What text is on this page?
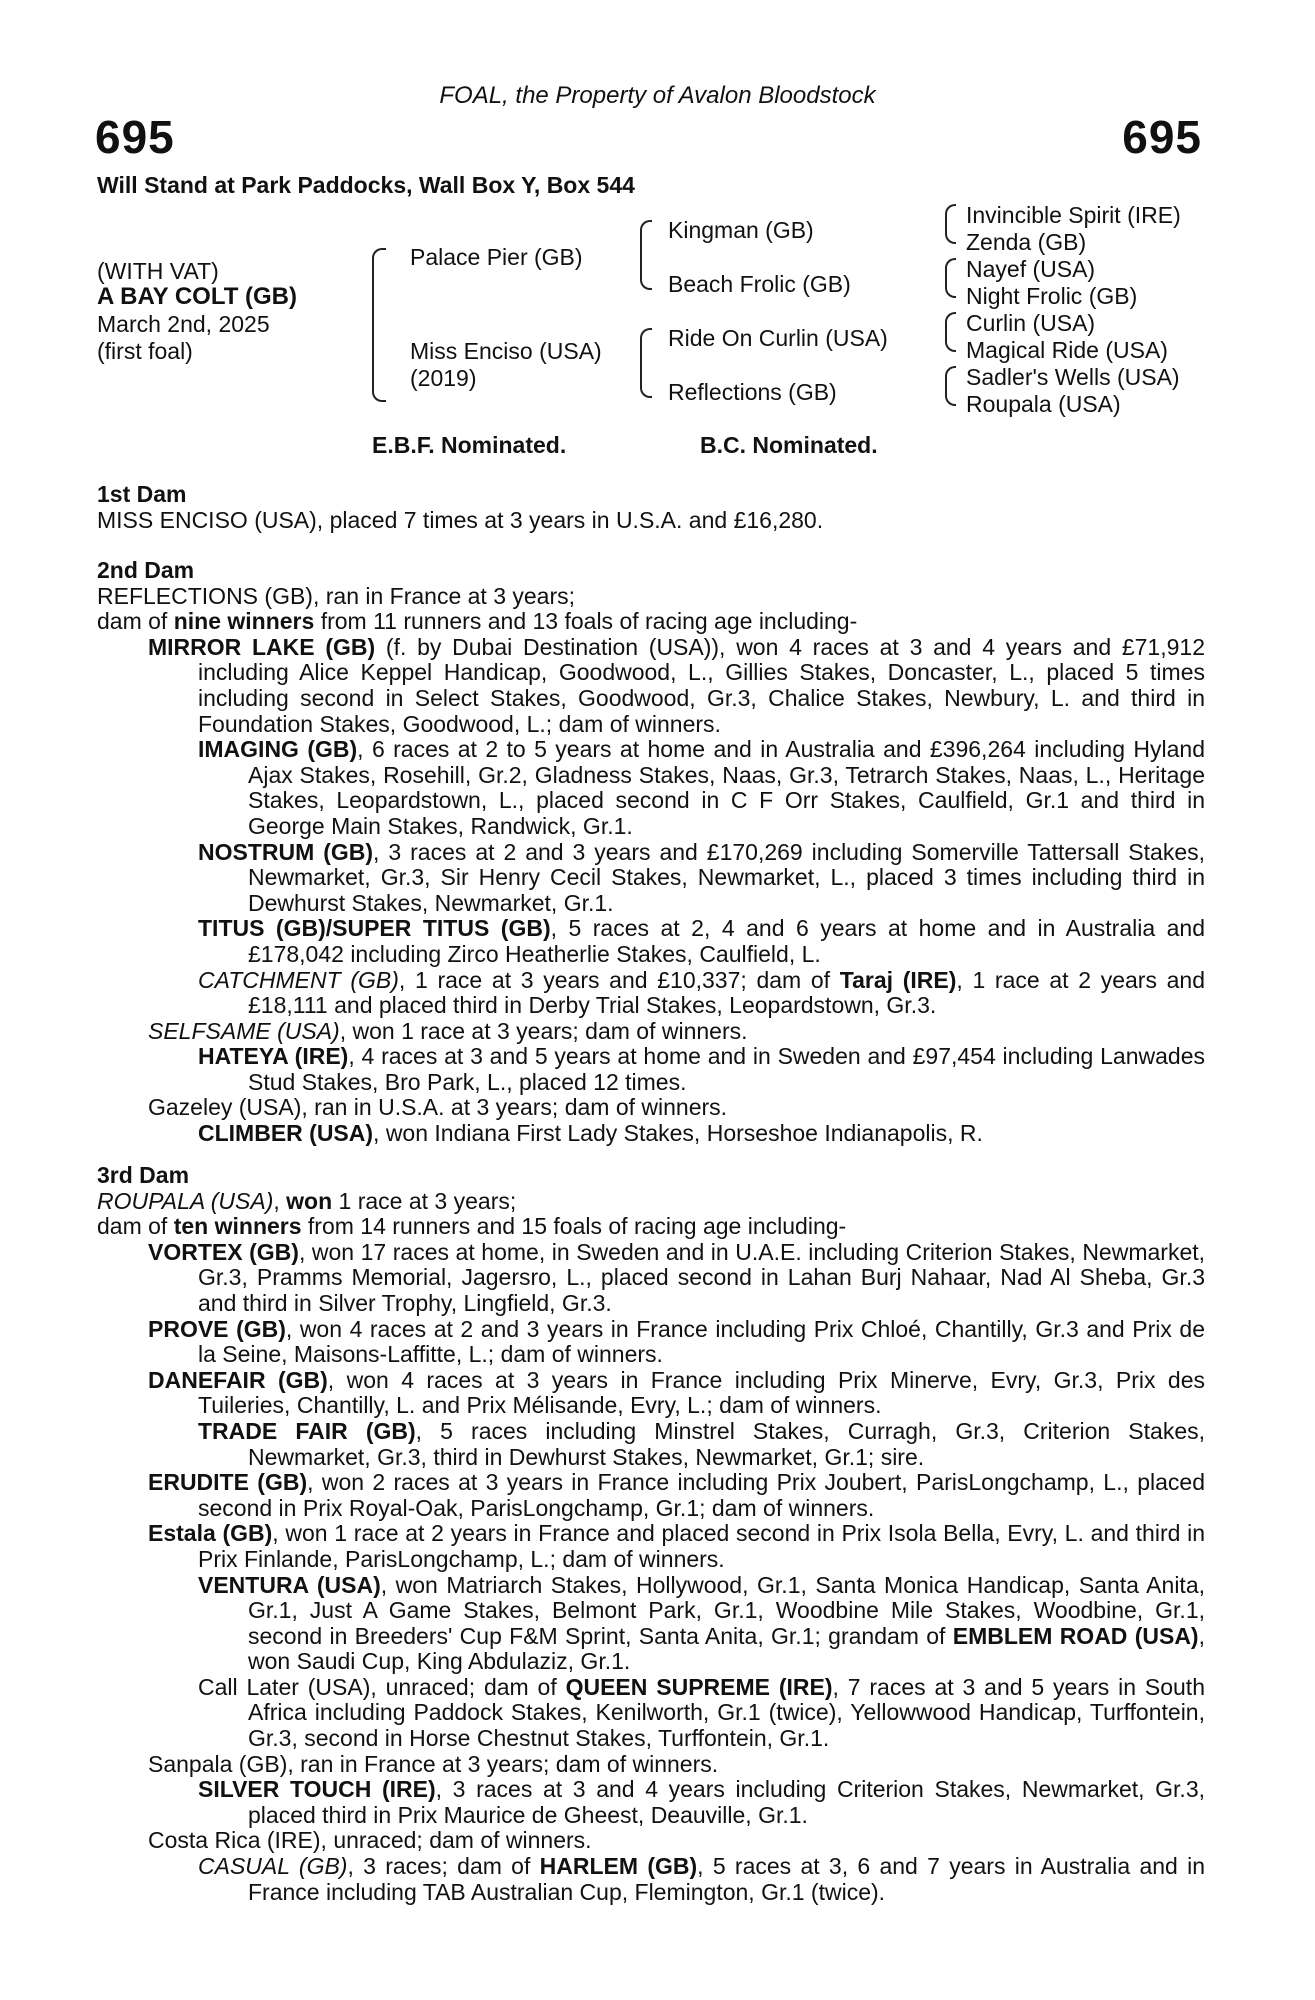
FOAL, the Property of Avalon Bloodstock
695	695
Will Stand at Park Paddocks, Wall Box Y, Box 544
(WITH VAT)
A BAY COLT (GB)
March 2nd, 2025
(first foal)
Palace Pier (GB)
Miss Enciso (USA)
(2019)
Kingman (GB)
Beach Frolic (GB)
Ride On Curlin (USA)
Reflections (GB)
Invincible Spirit (IRE)
Zenda (GB)
Nayef (USA)
Night Frolic (GB)
Curlin (USA)
Magical Ride (USA)
Sadler's Wells (USA)
Roupala (USA)
E.B.F. Nominated.	B.C. Nominated.
1st Dam
MISS ENCISO (USA), placed 7 times at 3 years in U.S.A. and £16,280.
2nd Dam
REFLECTIONS (GB), ran in France at 3 years;
dam of nine winners from 11 runners and 13 foals of racing age including-
MIRROR LAKE (GB) (f. by Dubai Destination (USA)), won 4 races at 3 and 4 years and £71,912 including Alice Keppel Handicap, Goodwood, L., Gillies Stakes, Doncaster, L., placed 5 times including second in Select Stakes, Goodwood, Gr.3, Chalice Stakes, Newbury, L. and third in Foundation Stakes, Goodwood, L.; dam of winners.
IMAGING (GB), 6 races at 2 to 5 years at home and in Australia and £396,264 including Hyland Ajax Stakes, Rosehill, Gr.2, Gladness Stakes, Naas, Gr.3, Tetrarch Stakes, Naas, L., Heritage Stakes, Leopardstown, L., placed second in C F Orr Stakes, Caulfield, Gr.1 and third in George Main Stakes, Randwick, Gr.1.
NOSTRUM (GB), 3 races at 2 and 3 years and £170,269 including Somerville Tattersall Stakes, Newmarket, Gr.3, Sir Henry Cecil Stakes, Newmarket, L., placed 3 times including third in Dewhurst Stakes, Newmarket, Gr.1.
TITUS (GB)/SUPER TITUS (GB), 5 races at 2, 4 and 6 years at home and in Australia and £178,042 including Zirco Heatherlie Stakes, Caulfield, L.
CATCHMENT (GB), 1 race at 3 years and £10,337; dam of Taraj (IRE), 1 race at 2 years and £18,111 and placed third in Derby Trial Stakes, Leopardstown, Gr.3.
SELFSAME (USA), won 1 race at 3 years; dam of winners.
HATEYA (IRE), 4 races at 3 and 5 years at home and in Sweden and £97,454 including Lanwades Stud Stakes, Bro Park, L., placed 12 times.
Gazeley (USA), ran in U.S.A. at 3 years; dam of winners.
CLIMBER (USA), won Indiana First Lady Stakes, Horseshoe Indianapolis, R.
3rd Dam
ROUPALA (USA), won 1 race at 3 years;
dam of ten winners from 14 runners and 15 foals of racing age including-
VORTEX (GB), won 17 races at home, in Sweden and in U.A.E. including Criterion Stakes, Newmarket, Gr.3, Pramms Memorial, Jagersro, L., placed second in Lahan Burj Nahaar, Nad Al Sheba, Gr.3 and third in Silver Trophy, Lingfield, Gr.3.
PROVE (GB), won 4 races at 2 and 3 years in France including Prix Chloé, Chantilly, Gr.3 and Prix de la Seine, Maisons-Laffitte, L.; dam of winners.
DANEFAIR (GB), won 4 races at 3 years in France including Prix Minerve, Evry, Gr.3, Prix des Tuileries, Chantilly, L. and Prix Mélisande, Evry, L.; dam of winners.
TRADE FAIR (GB), 5 races including Minstrel Stakes, Curragh, Gr.3, Criterion Stakes, Newmarket, Gr.3, third in Dewhurst Stakes, Newmarket, Gr.1; sire.
ERUDITE (GB), won 2 races at 3 years in France including Prix Joubert, ParisLongchamp, L., placed second in Prix Royal-Oak, ParisLongchamp, Gr.1; dam of winners.
Estala (GB), won 1 race at 2 years in France and placed second in Prix Isola Bella, Evry, L. and third in Prix Finlande, ParisLongchamp, L.; dam of winners.
VENTURA (USA), won Matriarch Stakes, Hollywood, Gr.1, Santa Monica Handicap, Santa Anita, Gr.1, Just A Game Stakes, Belmont Park, Gr.1, Woodbine Mile Stakes, Woodbine, Gr.1, second in Breeders' Cup F&M Sprint, Santa Anita, Gr.1; grandam of EMBLEM ROAD (USA), won Saudi Cup, King Abdulaziz, Gr.1.
Call Later (USA), unraced; dam of QUEEN SUPREME (IRE), 7 races at 3 and 5 years in South Africa including Paddock Stakes, Kenilworth, Gr.1 (twice), Yellowwood Handicap, Turffontein, Gr.3, second in Horse Chestnut Stakes, Turffontein, Gr.1.
Sanpala (GB), ran in France at 3 years; dam of winners.
SILVER TOUCH (IRE), 3 races at 3 and 4 years including Criterion Stakes, Newmarket, Gr.3, placed third in Prix Maurice de Gheest, Deauville, Gr.1.
Costa Rica (IRE), unraced; dam of winners.
CASUAL (GB), 3 races; dam of HARLEM (GB), 5 races at 3, 6 and 7 years in Australia and in France including TAB Australian Cup, Flemington, Gr.1 (twice).
